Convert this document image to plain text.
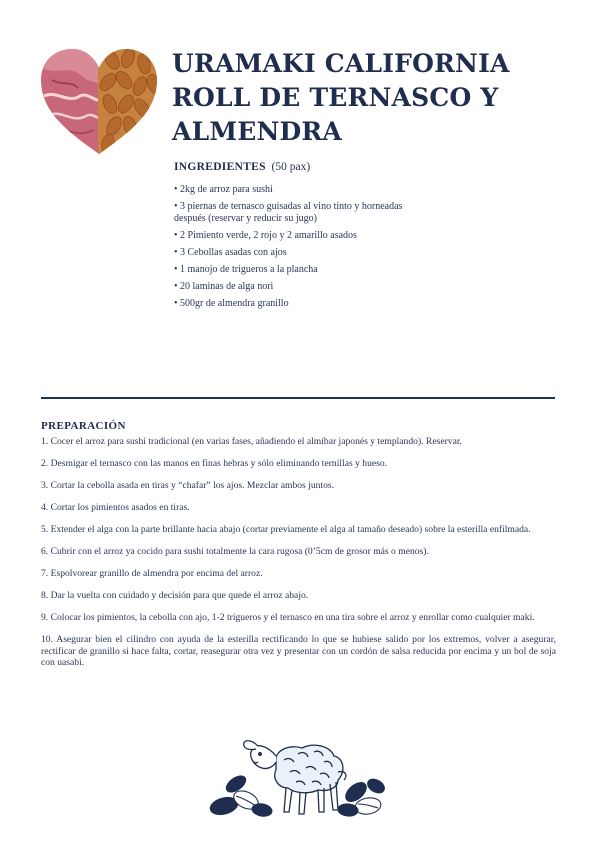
URAMAKI CALIFORNIA
ROLL DE TERNASCO Y
ALMENDRA
INGREDIENTES (50 pax)
• 2kg de arroz para sushi
• 3 piernas de ternasco guisadas al vino tinto y horneadas después (reservar y reducir su jugo)
• 2 Pimiento verde, 2 rojo y 2 amarillo asados
• 3 Cebollas asadas con ajos
• 1 manojo de trigueros a la plancha
• 20 laminas de alga nori
• 500gr de almendra granillo
PREPARACIÓN

1. Cocer el arroz para sushi tradicional (en varias fases, añadiendo el almíbar japonés y templando). Reservar.

2. Desmigar el ternasco con las manos en finas hebras y sólo eliminando ternillas y hueso.

3. Cortar la cebolla asada en tiras y “chafar” los ajos. Mezclar ambos juntos.

4. Cortar los pimientos asados en tiras.

5. Extender el alga con la parte brillante hacia abajo (cortar previamente el alga al tamaño deseado) sobre la esterilla enfilmada.

6. Cubrir con el arroz ya cocido para sushi totalmente la cara rugosa (0’5cm de grosor más o menos).

7. Espolvorear granillo de almendra por encima del arroz.

8. Dar la vuelta con cuidado y decisión para que quede el arroz abajo.

9. Colocar los pimientos, la cebolla con ajo, 1-2 trigueros y el ternasco en una tira sobre el arroz y enrollar como cualquier maki.

10. Asegurar bien el cilindro con ayuda de la esterilla rectificando lo que se hubiese salido por los extremos, volver a asegurar, rectificar de granillo si hace falta, cortar, reasegurar otra vez y presentar con un cordón de salsa reducida por encima y un bol de soja con uasabi.
